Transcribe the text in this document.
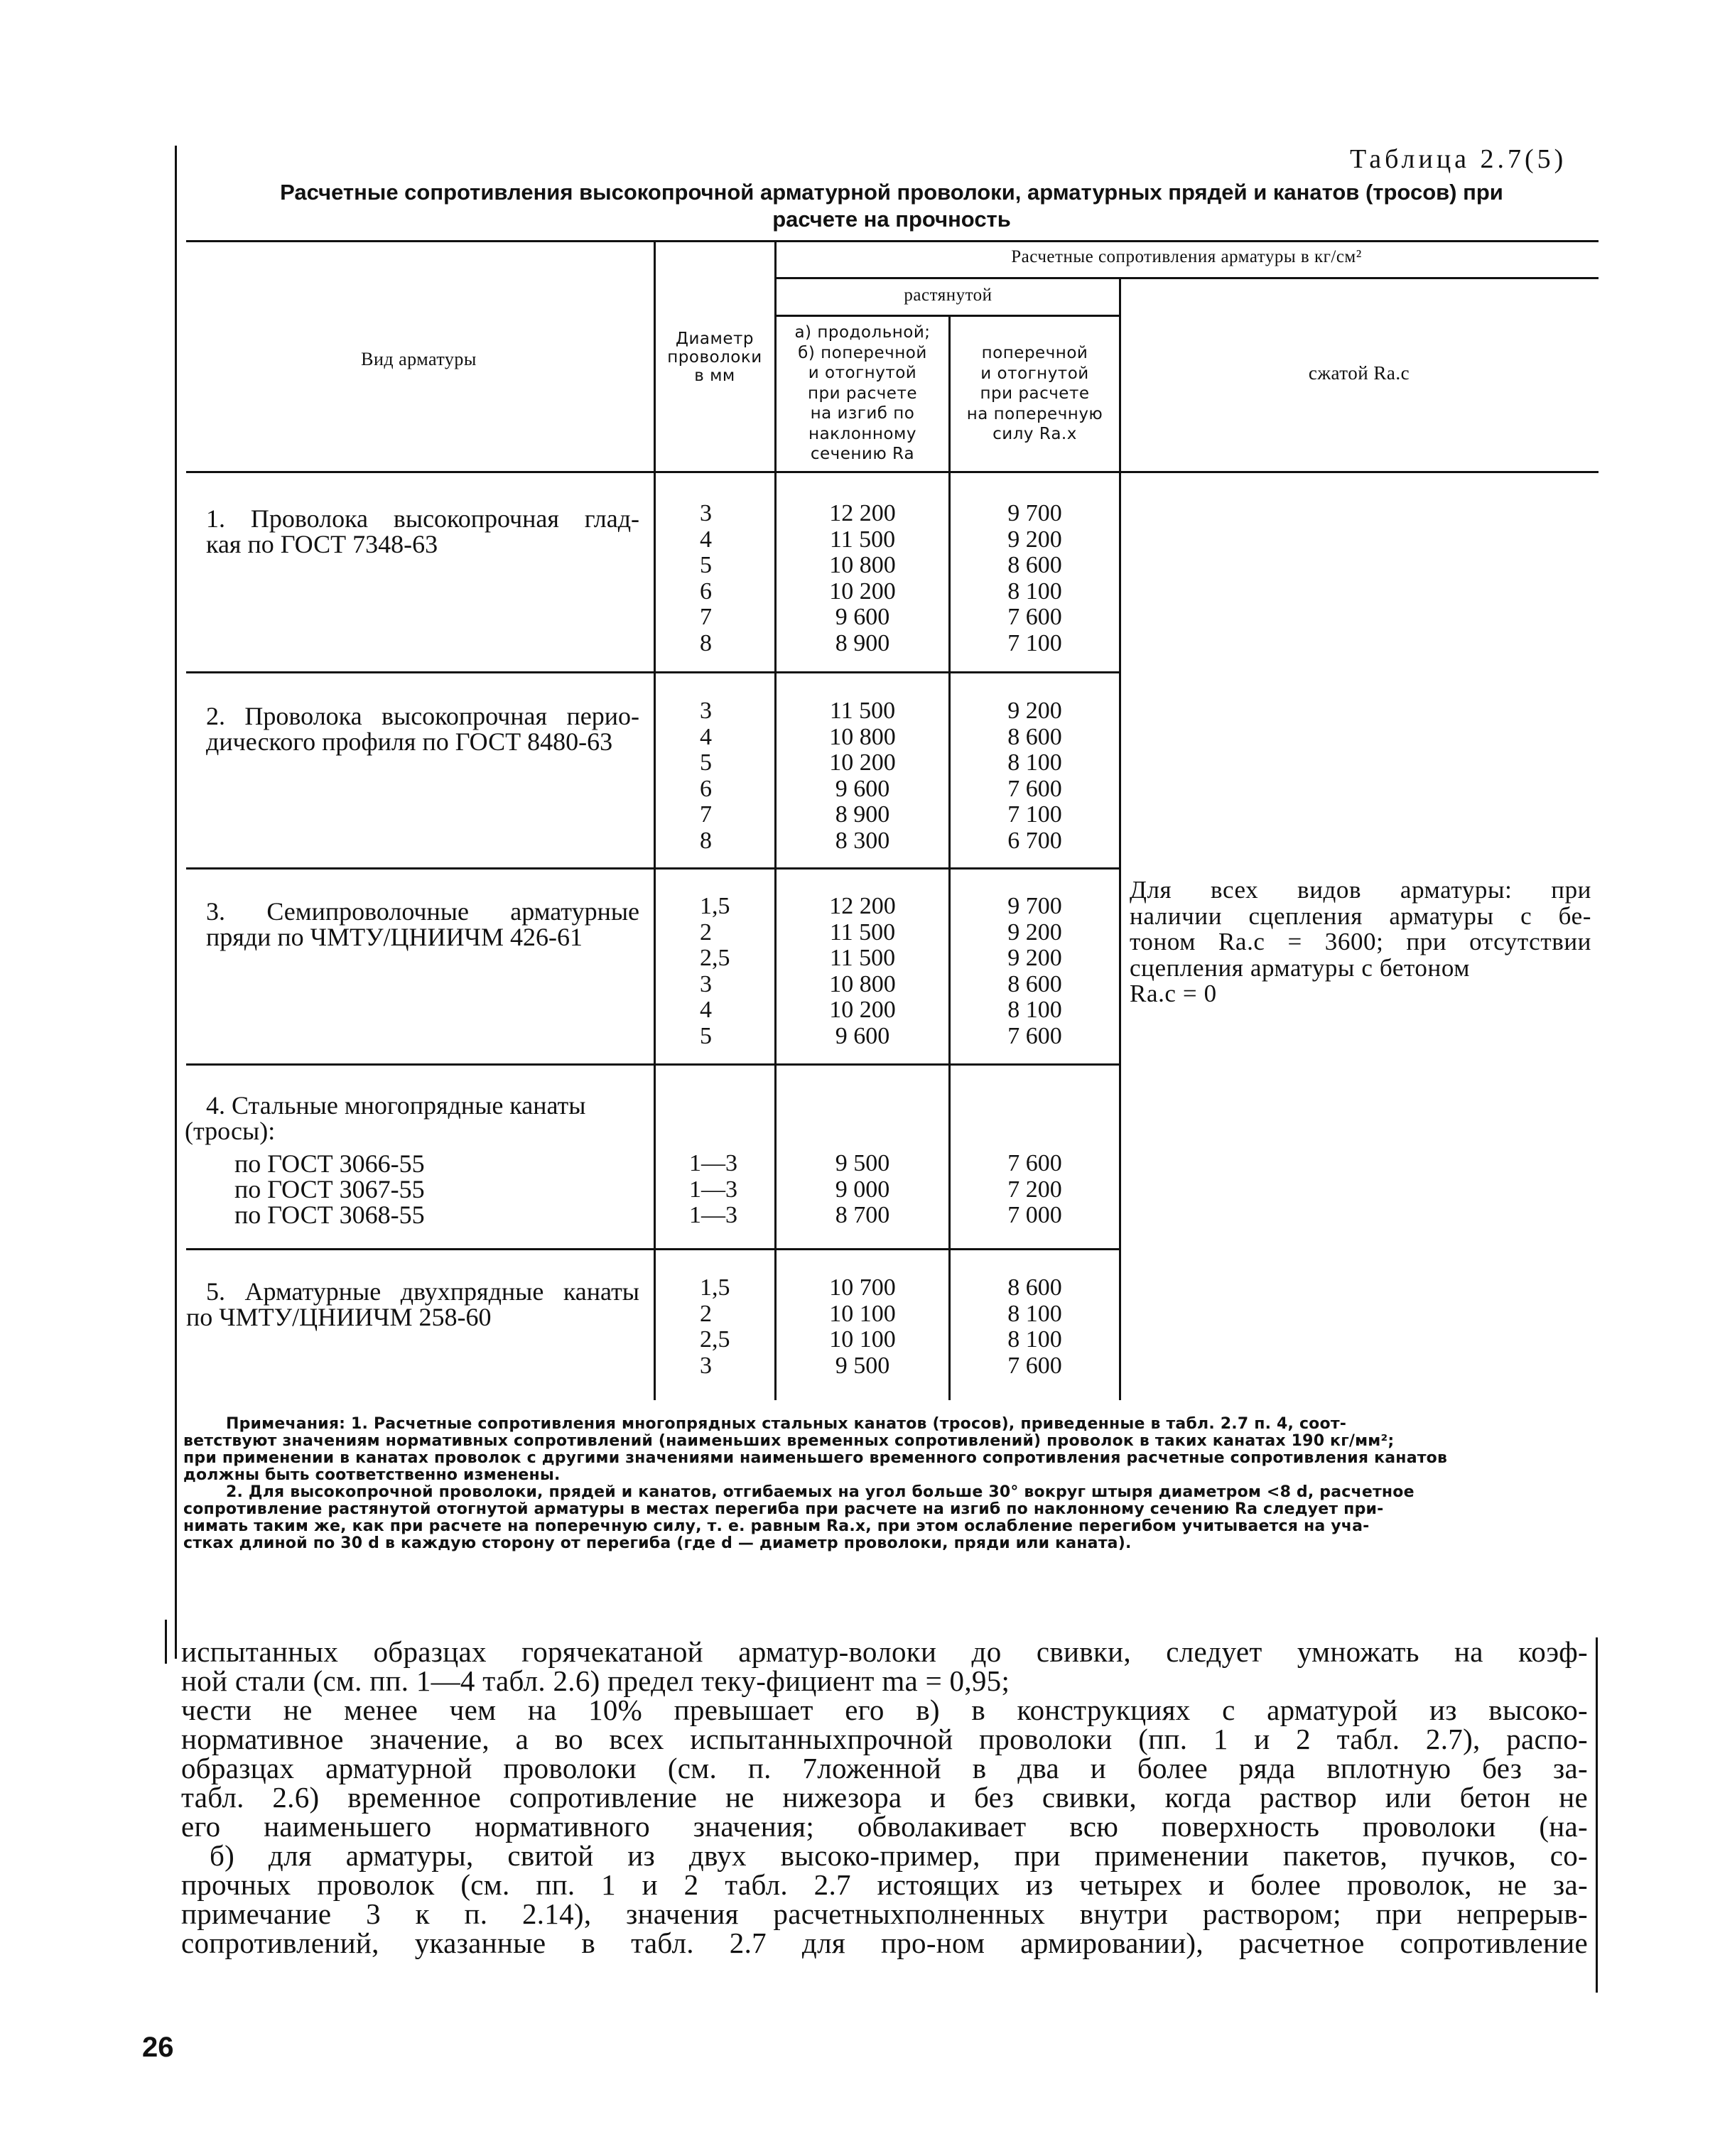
Таблица 2.7(5)
Расчетные сопротивления высокопрочной арматурной проволоки, арматурных прядей и канатов (тросов) при расчете на прочность
Вид арматуры
Диаметр
проволоки
в мм
Расчетные сопротивления арматуры в кг/см²
растянутой
а) продольной;
б) поперечной
и отогнутой
при расчете
на изгиб по
наклонному
сечению Rа
поперечной
и отогнутой
при расчете
на поперечную
силу Rа.х
сжатой Rа.с
1. Проволока высокопрочная глад-
кая по ГОСТ 7348-63
3
4
5
6
7
8
12 200
11 500
10 800
10 200
9 600
8 900
9 700
9 200
8 600
8 100
7 600
7 100
2. Проволока высокопрочная перио-
дического профиля по ГОСТ 8480-63
3
4
5
6
7
8
11 500
10 800
10 200
9 600
8 900
8 300
9 200
8 600
8 100
7 600
7 100
6 700
3. Семипроволочные арматурные
пряди по ЧМТУ/ЦНИИЧМ 426-61
1,5
2
2,5
3
4
5
12 200
11 500
11 500
10 800
10 200
9 600
9 700
9 200
9 200
8 600
8 100
7 600
Для всех видов арматуры: при
наличии сцепления арматуры с бе-
тоном Rа.с = 3600; при отсутствии
сцепления арматуры с бетоном
Rа.с = 0
4. Стальные многопрядные канаты
(тросы):
по ГОСТ 3066-55
по ГОСТ 3067-55
по ГОСТ 3068-55
1—3
1—3
1—3
9 500
9 000
8 700
7 600
7 200
7 000
5. Арматурные двухпрядные канаты
по ЧМТУ/ЦНИИЧМ 258-60
1,5
2
2,5
3
10 700
10 100
10 100
9 500
8 600
8 100
8 100
7 600
Примечания: 1. Расчетные сопротивления многопрядных стальных канатов (тросов), приведенные в табл. 2.7 п. 4, соот-
ветствуют значениям нормативных сопротивлений (наименьших временных сопротивлений) проволок в таких канатах 190 кг/мм²;
при применении в канатах проволок с другими значениями наименьшего временного сопротивления расчетные сопротивления канатов
должны быть соответственно изменены.
2. Для высокопрочной проволоки, прядей и канатов, отгибаемых на угол больше 30° вокруг штыря диаметром <8 d, расчетное
сопротивление растянутой отогнутой арматуры в местах перегиба при расчете на изгиб по наклонному сечению Rа следует при-
нимать таким же, как при расчете на поперечную силу, т. е. равным Rа.х, при этом ослабление перегибом учитывается на уча-
стках длиной по 30 d в каждую сторону от перегиба (где d — диаметр проволоки, пряди или каната).
испытанных образцах горячекатаной арматур-волоки до свивки, следует умножать на коэф-
ной стали (см. пп. 1—4 табл. 2.6) предел теку-фициент mа = 0,95;
чести не менее чем на 10% превышает его в) в конструкциях с арматурой из высоко-
нормативное значение, а во всех испытанныхпрочной проволоки (пп. 1 и 2 табл. 2.7), распо-
образцах арматурной проволоки (см. п. 7ложенной в два и более ряда вплотную без за-
табл. 2.6) временное сопротивление не нижезора и без свивки, когда раствор или бетон не
его наименьшего нормативного значения; обволакивает всю поверхность проволоки (на-
б) для арматуры, свитой из двух высоко-пример, при применении пакетов, пучков, со-
прочных проволок (см. пп. 1 и 2 табл. 2.7 истоящих из четырех и более проволок, не за-
примечание 3 к п. 2.14), значения расчетныхполненных внутри раствором; при непрерыв-
сопротивлений, указанные в табл. 2.7 для про-ном армировании), расчетное сопротивление
26
